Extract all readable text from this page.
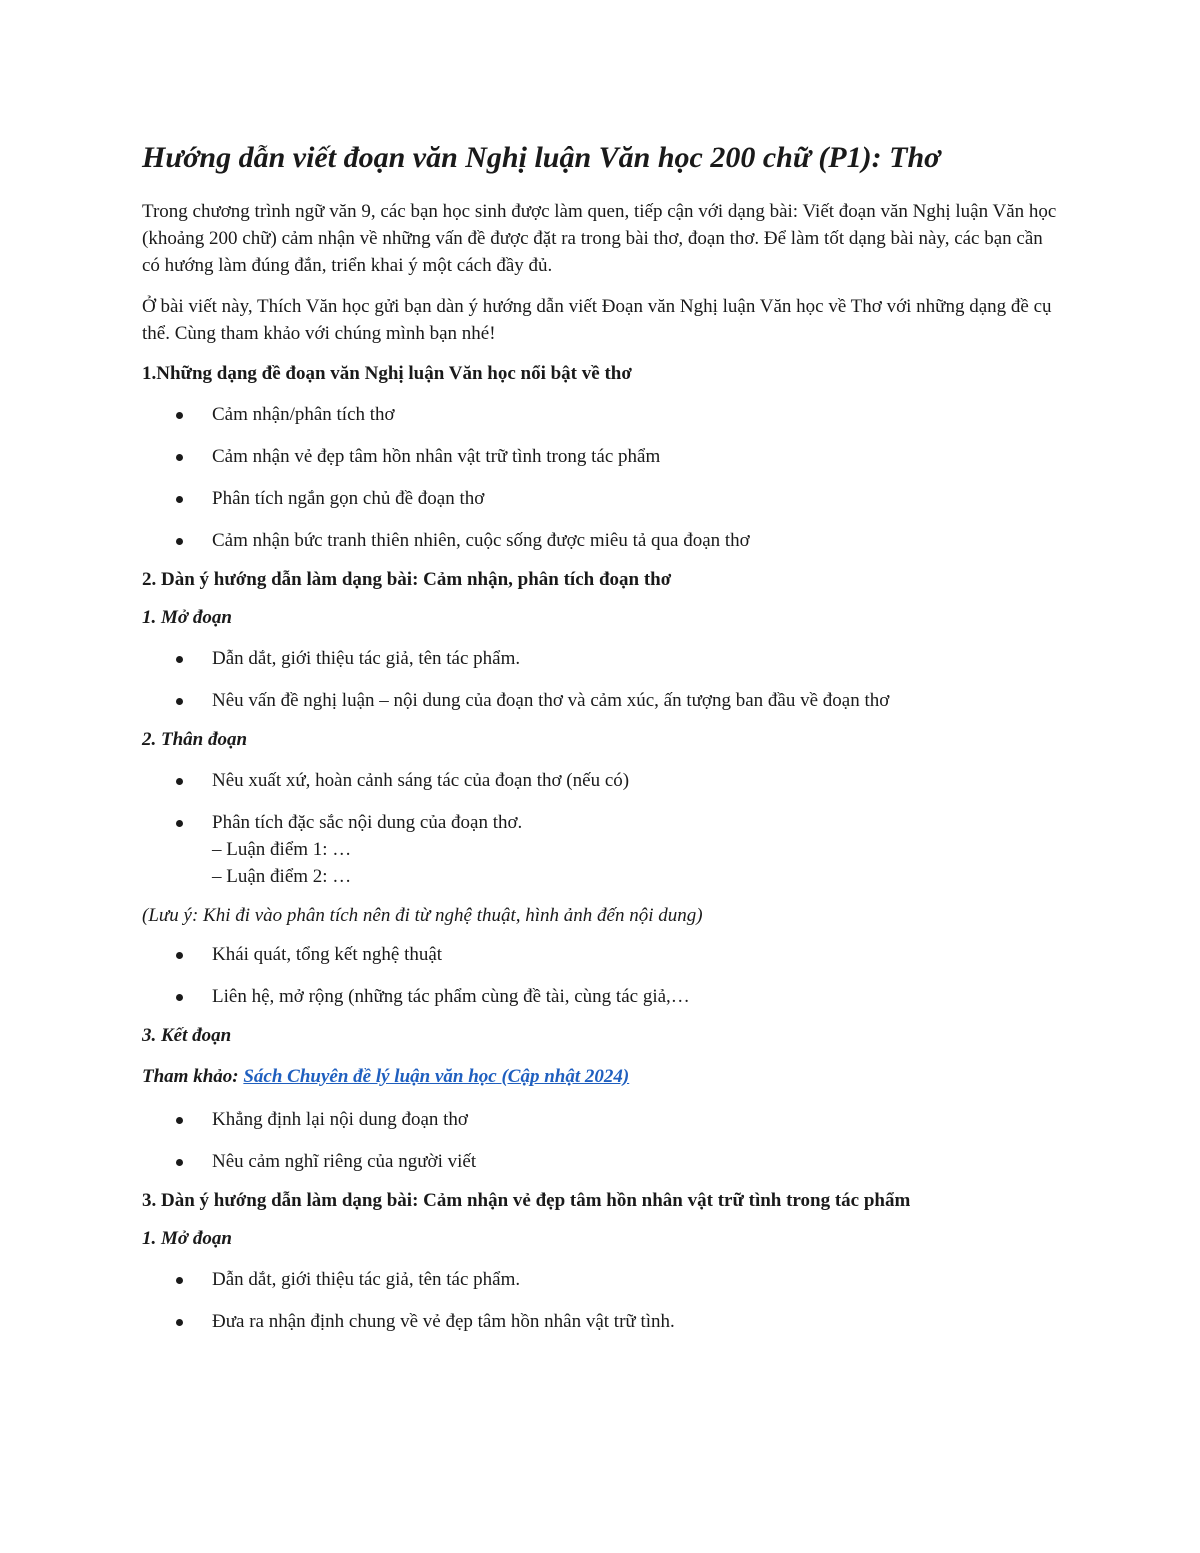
Hướng dẫn viết đoạn văn Nghị luận Văn học 200 chữ (P1): Thơ

Trong chương trình ngữ văn 9, các bạn học sinh được làm quen, tiếp cận với dạng bài: Viết đoạn văn Nghị luận Văn học (khoảng 200 chữ) cảm nhận về những vấn đề được đặt ra trong bài thơ, đoạn thơ. Để làm tốt dạng bài này, các bạn cần có hướng làm đúng đắn, triển khai ý một cách đầy đủ.

Ở bài viết này, Thích Văn học gửi bạn dàn ý hướng dẫn viết Đoạn văn Nghị luận Văn học về Thơ với những dạng đề cụ thể. Cùng tham khảo với chúng mình bạn nhé!

1.Những dạng đề đoạn văn Nghị luận Văn học nổi bật về thơ
Cảm nhận/phân tích thơ
Cảm nhận vẻ đẹp tâm hồn nhân vật trữ tình trong tác phẩm
Phân tích ngắn gọn chủ đề đoạn thơ
Cảm nhận bức tranh thiên nhiên, cuộc sống được miêu tả qua đoạn thơ
2. Dàn ý hướng dẫn làm dạng bài: Cảm nhận, phân tích đoạn thơ
1. Mở đoạn
Dẫn dắt, giới thiệu tác giả, tên tác phẩm.
Nêu vấn đề nghị luận – nội dung của đoạn thơ và cảm xúc, ấn tượng ban đầu về đoạn thơ
2. Thân đoạn
Nêu xuất xứ, hoàn cảnh sáng tác của đoạn thơ (nếu có)
Phân tích đặc sắc nội dung của đoạn thơ.
– Luận điểm 1: …
– Luận điểm 2: …
(Lưu ý: Khi đi vào phân tích nên đi từ nghệ thuật, hình ảnh đến nội dung)
Khái quát, tổng kết nghệ thuật
Liên hệ, mở rộng (những tác phẩm cùng đề tài, cùng tác giả,…
3. Kết đoạn

Tham khảo: Sách Chuyên đề lý luận văn học (Cập nhật 2024)

Khẳng định lại nội dung đoạn thơ
Nêu cảm nghĩ riêng của người viết
3. Dàn ý hướng dẫn làm dạng bài: Cảm nhận vẻ đẹp tâm hồn nhân vật trữ tình trong tác phẩm
1. Mở đoạn
Dẫn dắt, giới thiệu tác giả, tên tác phẩm.
Đưa ra nhận định chung về vẻ đẹp tâm hồn nhân vật trữ tình.
